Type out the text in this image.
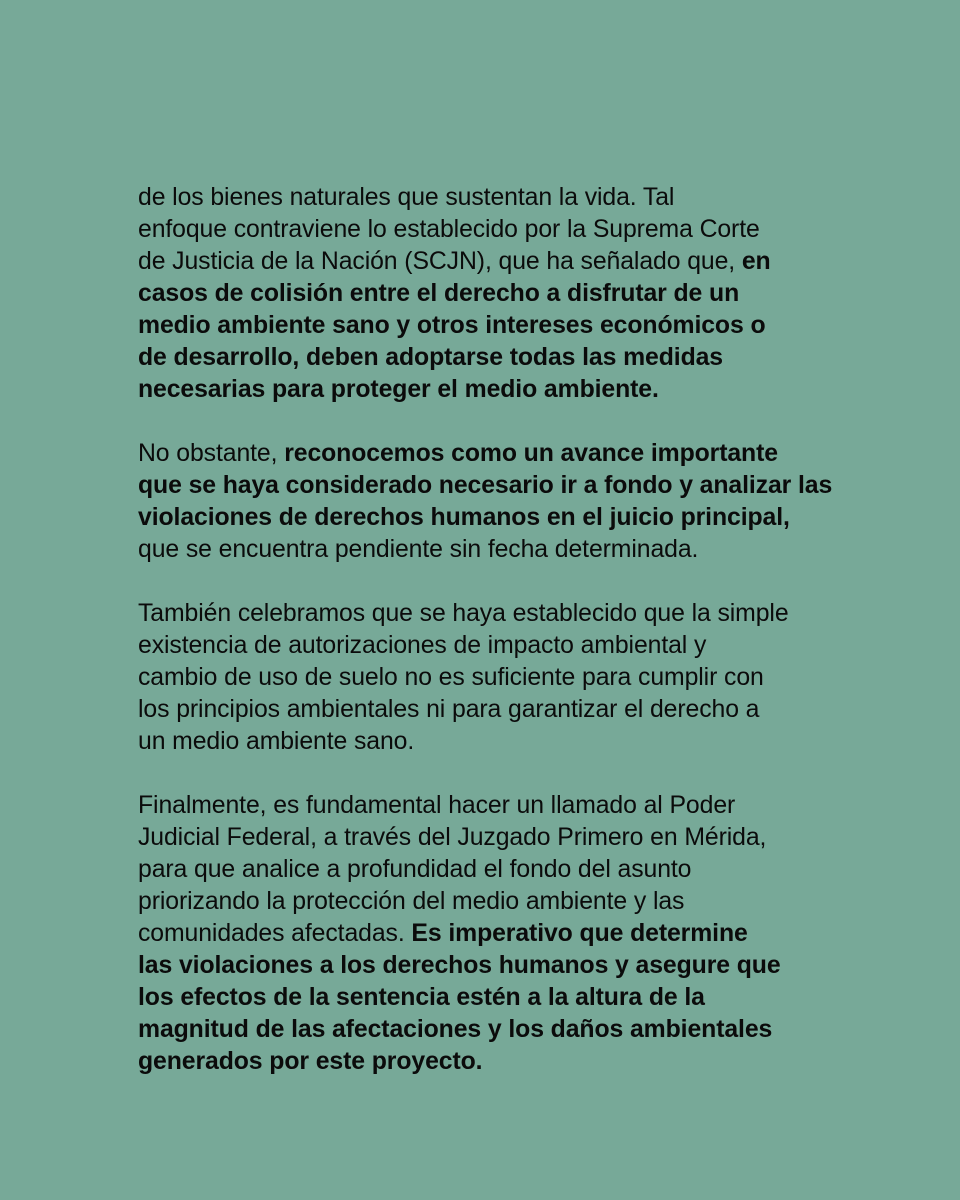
de los bienes naturales que sustentan la vida. Tal
enfoque contraviene lo establecido por la Suprema Corte
de Justicia de la Nación (SCJN), que ha señalado que, en
casos de colisión entre el derecho a disfrutar de un
medio ambiente sano y otros intereses económicos o
de desarrollo, deben adoptarse todas las medidas
necesarias para proteger el medio ambiente.

No obstante, reconocemos como un avance importante
que se haya considerado necesario ir a fondo y analizar las
violaciones de derechos humanos en el juicio principal,
que se encuentra pendiente sin fecha determinada.

También celebramos que se haya establecido que la simple
existencia de autorizaciones de impacto ambiental y
cambio de uso de suelo no es suficiente para cumplir con
los principios ambientales ni para garantizar el derecho a
un medio ambiente sano.

Finalmente, es fundamental hacer un llamado al Poder
Judicial Federal, a través del Juzgado Primero en Mérida,
para que analice a profundidad el fondo del asunto
priorizando la protección del medio ambiente y las
comunidades afectadas. Es imperativo que determine
las violaciones a los derechos humanos y asegure que
los efectos de la sentencia estén a la altura de la
magnitud de las afectaciones y los daños ambientales
generados por este proyecto.
